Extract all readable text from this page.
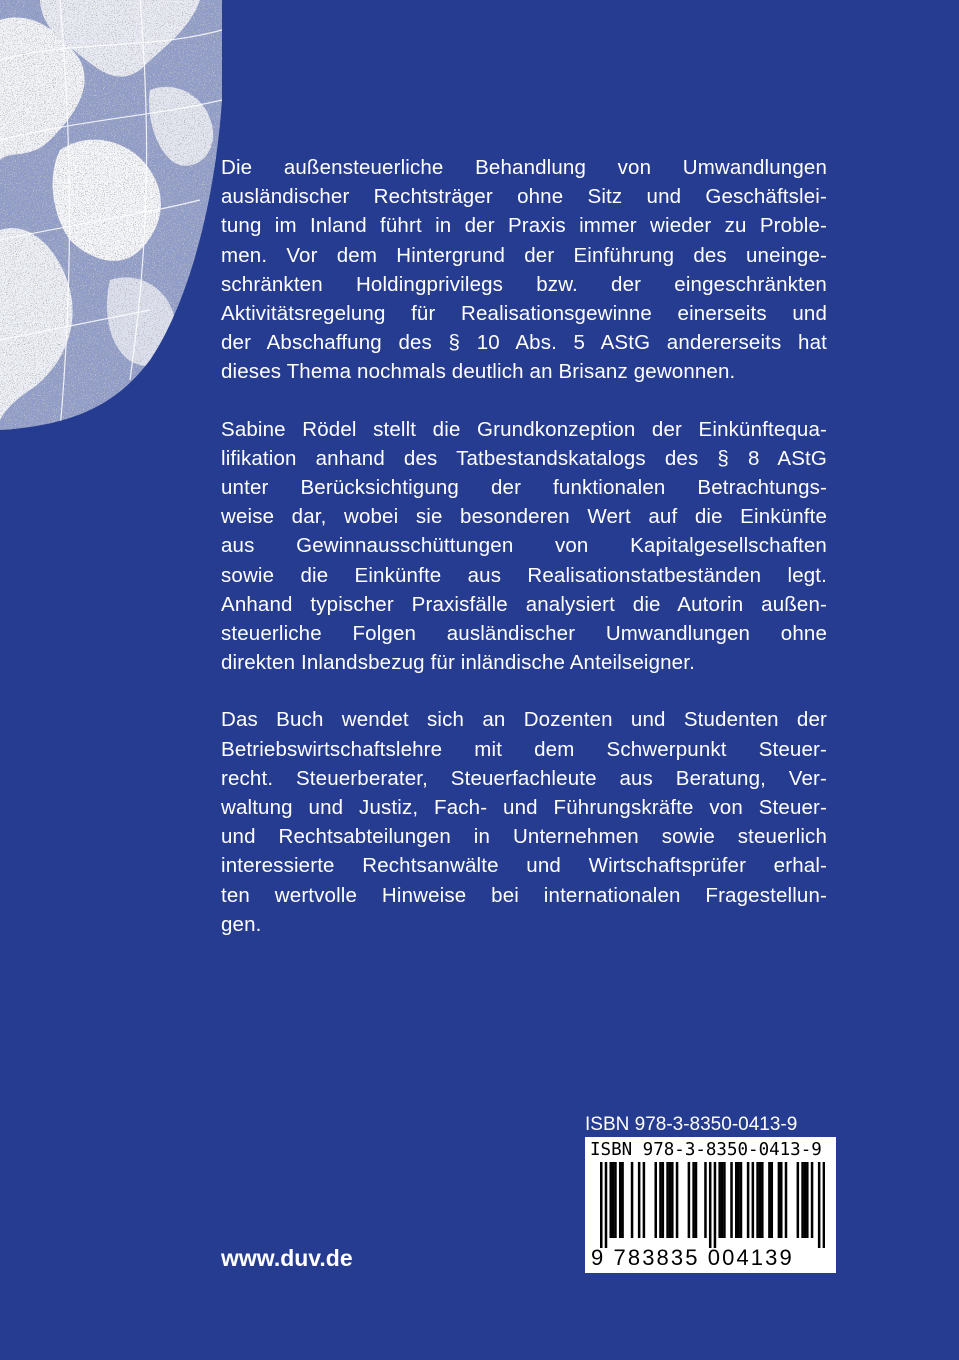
Die außensteuerliche Behandlung von Umwandlungen
ausländischer Rechtsträger ohne Sitz und Geschäftslei-
tung im Inland führt in der Praxis immer wieder zu Proble-
men. Vor dem Hintergrund der Einführung des uneinge-
schränkten Holdingprivilegs bzw. der eingeschränkten
Aktivitätsregelung für Realisationsgewinne einerseits und
der Abschaffung des § 10 Abs. 5 AStG andererseits hat
dieses Thema nochmals deutlich an Brisanz gewonnen.

Sabine Rödel stellt die Grundkonzeption der Einkünftequa-
lifikation anhand des Tatbestandskatalogs des § 8 AStG
unter Berücksichtigung der funktionalen Betrachtungs-
weise dar, wobei sie besonderen Wert auf die Einkünfte
aus Gewinnausschüttungen von Kapitalgesellschaften
sowie die Einkünfte aus Realisationstatbeständen legt.
Anhand typischer Praxisfälle analysiert die Autorin außen-
steuerliche Folgen ausländischer Umwandlungen ohne
direkten Inlandsbezug für inländische Anteilseigner.

Das Buch wendet sich an Dozenten und Studenten der
Betriebswirtschaftslehre mit dem Schwerpunkt Steuer-
recht. Steuerberater, Steuerfachleute aus Beratung, Ver-
waltung und Justiz, Fach- und Führungskräfte von Steuer-
und Rechtsabteilungen in Unternehmen sowie steuerlich
interessierte Rechtsanwälte und Wirtschaftsprüfer erhal-
ten wertvolle Hinweise bei internationalen Fragestellun-
gen.

ISBN 978-3-8350-0413-9
ISBN 978-3-8350-0413-9
9 783835 004139
www.duv.de
